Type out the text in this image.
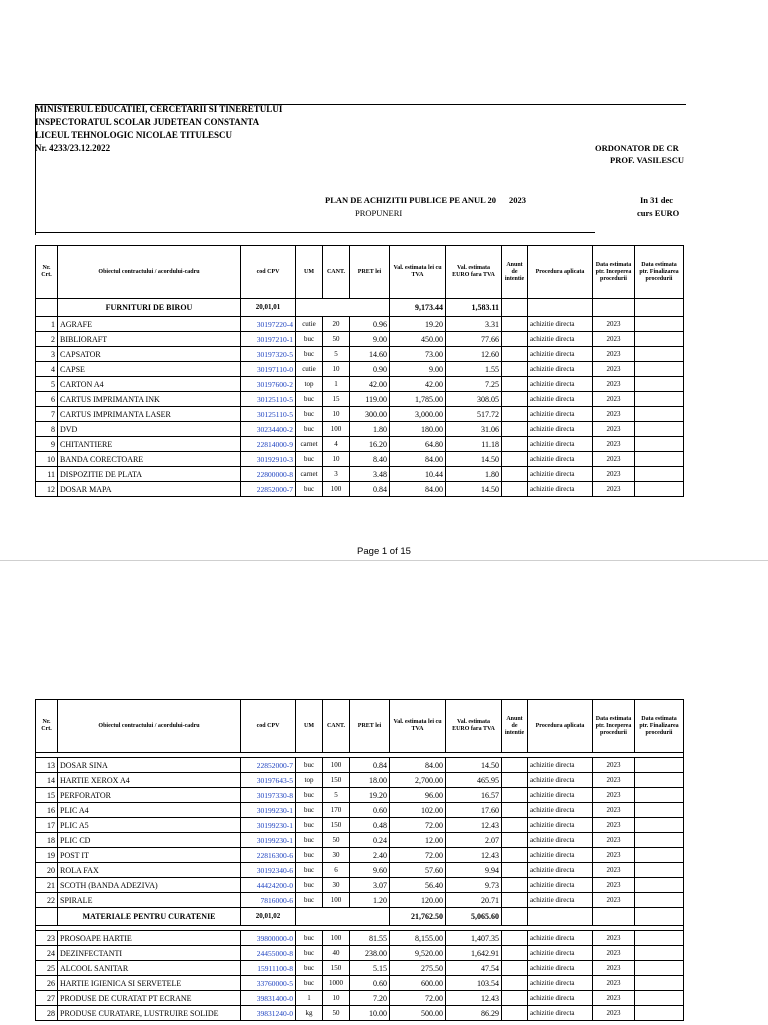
MINISTERUL EDUCATIEI, CERCETARII SI TINERETULUI
INSPECTORATUL SCOLAR JUDETEAN CONSTANTA
LICEUL TEHNOLOGIC NICOLAE TITULESCU
Nr. 4233/23.12.2022	ORDONATOR DE CR
PROF. VASILESCU
PLAN DE ACHIZITII PUBLICE PE ANUL 20 2023	In 31 dec
PROPUNERI	curs EURO
Nr. Crt.	Obiectul contractului / acordului-cadru	cod CPV	UM	CANT.	PRET lei	Val. estimata lei cu TVA	Val. estimata EURO fara TVA	Anunt de intentie	Procedura aplicata	Data estimata ptr. Inceperea procedurii	Data estimata ptr. Finalizarea procedurii
	FURNITURI DE BIROU	20,01,01				9,173.44	1,583.11				
1	AGRAFE	30197220-4	cutie	20	0.96	19.20	3.31		achizitie directa	2023	
2	BIBLIORAFT	30197210-1	buc	50	9.00	450.00	77.66		achizitie directa	2023	
3	CAPSATOR	30197320-5	buc	5	14.60	73.00	12.60		achizitie directa	2023	
4	CAPSE	30197110-0	cutie	10	0.90	9.00	1.55		achizitie directa	2023	
5	CARTON A4	30197600-2	top	1	42.00	42.00	7.25		achizitie directa	2023	
6	CARTUS IMPRIMANTA INK	30125110-5	buc	15	119.00	1,785.00	308.05		achizitie directa	2023	
7	CARTUS IMPRIMANTA LASER	30125110-5	buc	10	300.00	3,000.00	517.72		achizitie directa	2023	
8	DVD	30234400-2	buc	100	1.80	180.00	31.06		achizitie directa	2023	
9	CHITANTIERE	22814000-9	carnet	4	16.20	64.80	11.18		achizitie directa	2023	
10	BANDA CORECTOARE	30192910-3	buc	10	8.40	84.00	14.50		achizitie directa	2023	
11	DISPOZITIE DE PLATA	22800000-8	carnet	3	3.48	10.44	1.80		achizitie directa	2023	
12	DOSAR MAPA	22852000-7	buc	100	0.84	84.00	14.50		achizitie directa	2023	
Page 1 of 15
Nr. Crt.	Obiectul contractului / acordului-cadru	cod CPV	UM	CANT.	PRET lei	Val. estimata lei cu TVA	Val. estimata EURO fara TVA	Anunt de intentie	Procedura aplicata	Data estimata ptr. Inceperea procedurii	Data estimata ptr. Finalizarea procedurii

13	DOSAR SINA	22852000-7	buc	100	0.84	84.00	14.50		achizitie directa	2023	
14	HARTIE XEROX A4	30197643-5	top	150	18.00	2,700.00	465.95		achizitie directa	2023	
15	PERFORATOR	30197330-8	buc	5	19.20	96.00	16.57		achizitie directa	2023	
16	PLIC A4	30199230-1	buc	170	0.60	102.00	17.60		achizitie directa	2023	
17	PLIC A5	30199230-1	buc	150	0.48	72.00	12.43		achizitie directa	2023	
18	PLIC CD	30199230-1	buc	50	0.24	12.00	2.07		achizitie directa	2023	
19	POST IT	22816300-6	buc	30	2.40	72.00	12.43		achizitie directa	2023	
20	ROLA FAX	30192340-6	buc	6	9.60	57.60	9.94		achizitie directa	2023	
21	SCOTH (BANDA ADEZIVA)	44424200-0	buc	30	3.07	56.40	9.73		achizitie directa	2023	
22	SPIRALE	7816000-6	buc	100	1.20	120.00	20.71		achizitie directa	2023	
	MATERIALE PENTRU CURATENIE	20,01,02				21,762.50	5,065.60				

23	PROSOAPE HARTIE	39800000-0	buc	100	81.55	8,155.00	1,407.35		achizitie directa	2023	
24	DEZINFECTANTI	24455000-8	buc	40	238.00	9,520.00	1,642.91		achizitie directa	2023	
25	ALCOOL SANITAR	15911100-8	buc	150	5.15	275.50	47.54		achizitie directa	2023	
26	HARTIE IGIENICA SI SERVETELE	33760000-5	buc	1000	0.60	600.00	103.54		achizitie directa	2023	
27	PRODUSE DE CURATAT PT ECRANE	39831400-0	1	10	7.20	72.00	12.43		achizitie directa	2023	
28	PRODUSE CURATARE, LUSTRUIRE SOLIDE	39831240-0	kg	50	10.00	500.00	86.29		achizitie directa	2023	
